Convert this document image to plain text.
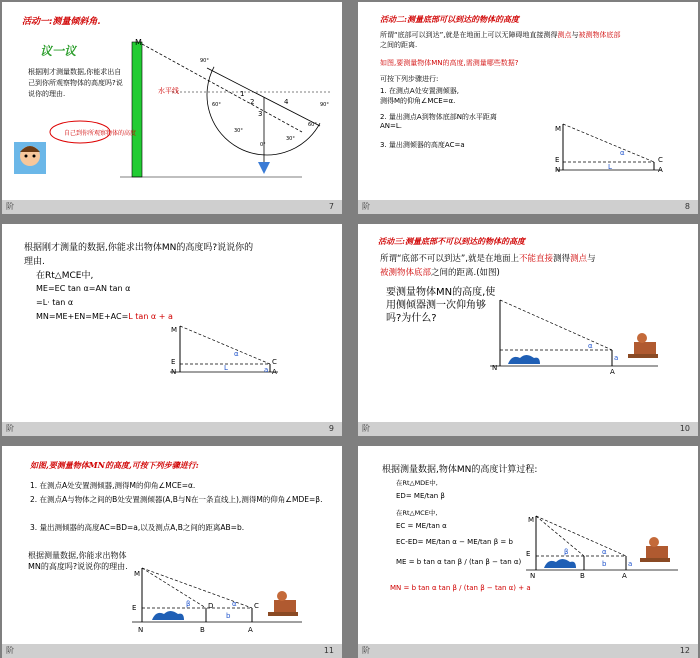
活动一:测量倾斜角.
议一议
根据刚才测量数据,你能求出自己到你所观察物体的高度吗?说说你的理由.
自己到你所观察物体的高度
M
水平线	1
2
3
4
90°
60°
30°
0°
30°
60°
90°
阶	7
活动二:测量底部可以到达的物体的高度
所谓“底部可以到达”,就是在地面上可以无障碍地直接测得测点与被测物体底部
之间的距离.
如图,要测量物体MN的高度,需测量哪些数据?
可按下列步骤进行:
1. 在测点A处安置测倾器,
测得M的仰角∠MCE=α.
2. 量出测点A到物体底部N的水平距离
AN=L.
3. 量出测倾器的高度AC=a
M
E
N
C
A
α
L
阶	8
根据刚才测量的数据,你能求出物体MN的高度吗?说说你的
理由.
在Rt△MCE中,
ME=EC tan α=AN tan α
=L· tan α
MN=ME+EN=ME+AC=L tan α + a
M
E
N
C
A
α
L	a
阶	9
活动三:测量底部不可以到达的物体的高度
所谓“底部不可以到达”,就是在地面上不能直接测得测点与
被测物体底部之间的距离.(如图)
要测量物体MN的高度,使用侧倾器测一次仰角够吗?为什么?
N	A
α
a
阶	10
如图,要测量物体MN的高度,可按下列步骤进行:
1. 在测点A处安置测倾器,测得M的仰角∠MCE=α.
2. 在测点A与物体之间的B处安置测倾器(A,B与N在一条直线上),测得M的仰角∠MDE=β.
3. 量出测倾器的高度AC=BD=a,以及测点A,B之间的距离AB=b.
根据测量数据,你能求出物体MN的高度吗?说说你的理由.
M
E
N	B	A
C
D	α
β
b
阶	11
根据测量数据,物体MN的高度计算过程:
在Rt△MDE中,
ED= ME/tan β
在Rt△MCE中,
EC = ME/tan α
EC-ED= ME/tan α − ME/tan β = b
ME = b tan α tan β / (tan β − tan α)
MN = b tan α tan β / (tan β − tan α) + a
M
E
N	B	A
α
β
b	a
阶	12
